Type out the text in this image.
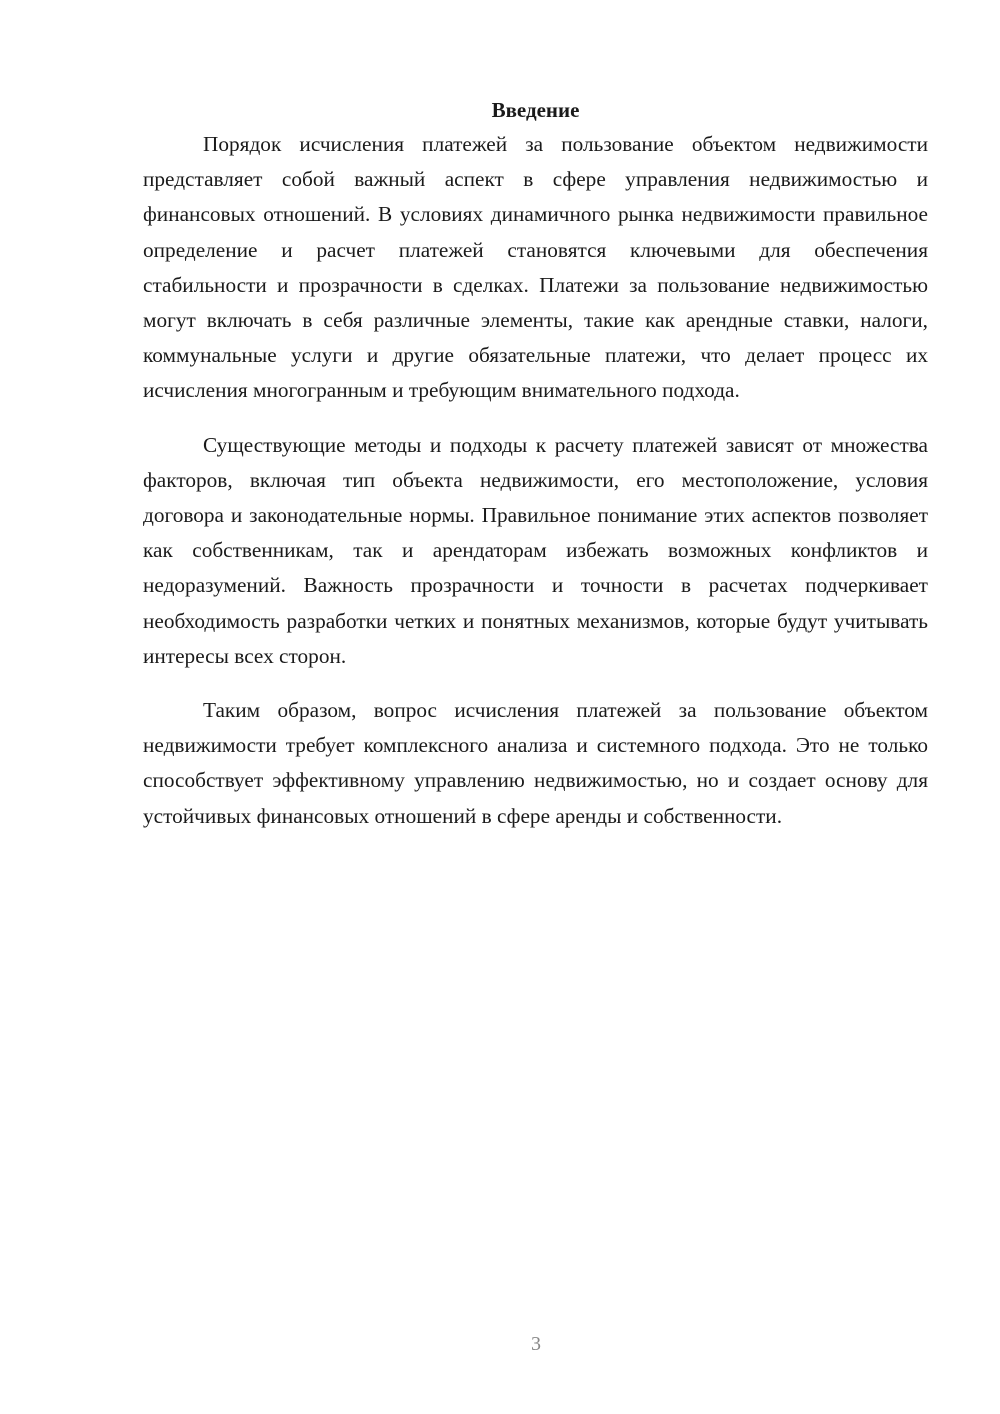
Введение

Порядок исчисления платежей за пользование объектом недвижимости представляет собой важный аспект в сфере управления недвижимостью и финансовых отношений. В условиях динамичного рынка недвижимости правильное определение и расчет платежей становятся ключевыми для обеспечения стабильности и прозрачности в сделках. Платежи за пользование недвижимостью могут включать в себя различные элементы, такие как арендные ставки, налоги, коммунальные услуги и другие обязательные платежи, что делает процесс их исчисления многогранным и требующим внимательного подхода.

Существующие методы и подходы к расчету платежей зависят от множества факторов, включая тип объекта недвижимости, его местоположение, условия договора и законодательные нормы. Правильное понимание этих аспектов позволяет как собственникам, так и арендаторам избежать возможных конфликтов и недоразумений. Важность прозрачности и точности в расчетах подчеркивает необходимость разработки четких и понятных механизмов, которые будут учитывать интересы всех сторон.

Таким образом, вопрос исчисления платежей за пользование объектом недвижимости требует комплексного анализа и системного подхода. Это не только способствует эффективному управлению недвижимостью, но и создает основу для устойчивых финансовых отношений в сфере аренды и собственности.

3
